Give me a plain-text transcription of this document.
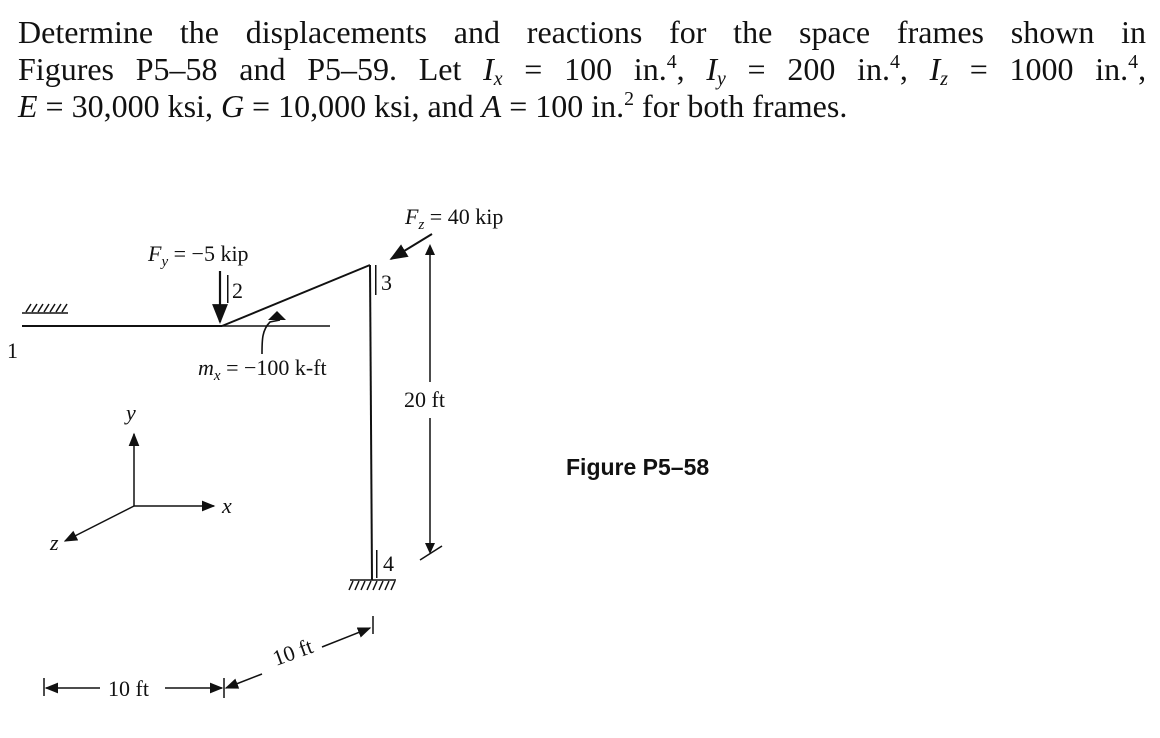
Determine the displacements and reactions for the space frames shown in
Figures P5–58 and P5–59. Let $I_x = 100$ in.$^4$, $I_y = 200$ in.$^4$, $I_z = 1000$ in.$^4$,
E = 30,000 ksi, G = 10,000 ksi, and A = 100 in.$^2$ for both frames.
1
2	3
4
$F_y = -5$ kip
$m_x = -100$ k-ft
$F_z = 40$ kip
20 ft
y
x
z
10 ft
10 ft
Figure P5–58
